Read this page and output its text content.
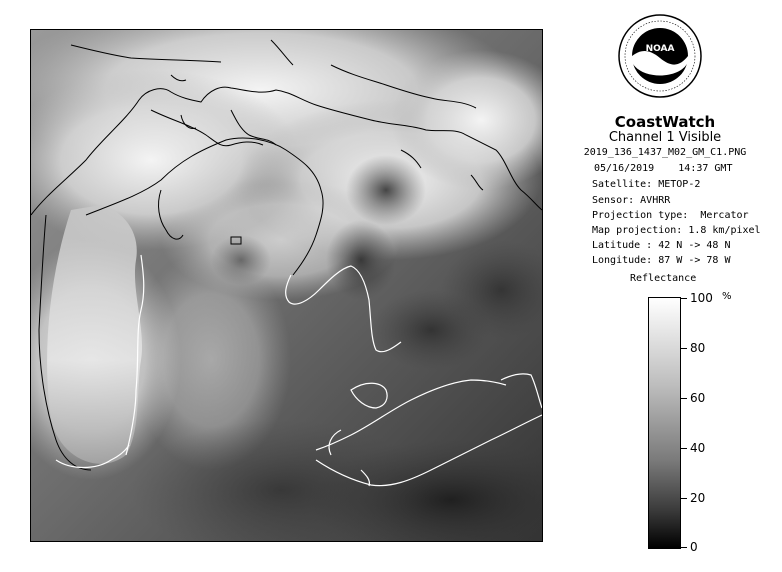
NOAA
CoastWatch
Channel 1 Visible
2019_136_1437_M02_GM_C1.PNG
05/16/2019    14:37 GMT
Satellite: METOP-2
Sensor: AVHRR
Projection type:  Mercator
Map projection: 1.8 km/pixel
Latitude : 42 N -> 48 N
Longitude: 87 W -> 78 W
Reflectance
%
100
80
60
40
20
0
